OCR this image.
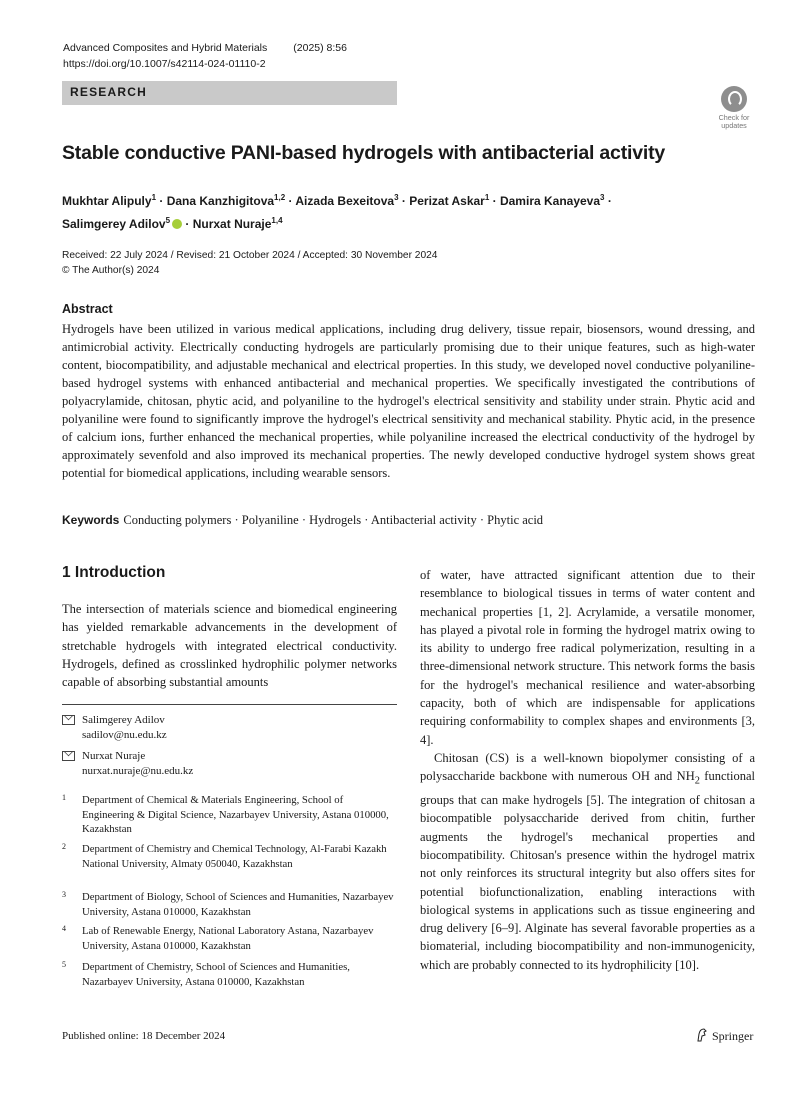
Advanced Composites and Hybrid Materials (2025) 8:56
https://doi.org/10.1007/s42114-024-01110-2
RESEARCH
Check for updates
Stable conductive PANI-based hydrogels with antibacterial activity
Mukhtar Alipuly$^1$ · Dana Kanzhigitova$^{1,2}$ · Aizada Bexeitova$^3$ · Perizat Askar$^1$ · Damira Kanayeva$^3$ ·
Salimgerey Adilov$^5$ · Nurxat Nuraje$^{1,4}$
Received: 22 July 2024 / Revised: 21 October 2024 / Accepted: 30 November 2024
© The Author(s) 2024
Abstract
Hydrogels have been utilized in various medical applications, including drug delivery, tissue repair, biosensors, wound dressing, and antimicrobial activity. Electrically conducting hydrogels are particularly promising due to their unique features, such as high-water content, biocompatibility, and adjustable mechanical and electrical properties. In this study, we developed novel conductive polyaniline-based hydrogel systems with enhanced antibacterial and mechanical properties. We specifically investigated the contributions of polyacrylamide, chitosan, phytic acid, and polyaniline to the hydrogel's electrical sensitivity and stability under strain. Phytic acid and polyaniline were found to significantly improve the hydrogel's electrical sensitivity and mechanical stability. Phytic acid, in the presence of calcium ions, further enhanced the mechanical properties, while polyaniline increased the electrical conductivity of the hydrogel by approximately sevenfold and also improved its mechanical properties. The newly developed conductive hydrogel system shows great potential for biomedical applications, including wearable sensors.
Keywords Conducting polymers · Polyaniline · Hydrogels · Antibacterial activity · Phytic acid
1 Introduction

The intersection of materials science and biomedical engineering has yielded remarkable advancements in the development of stretchable hydrogels with integrated electrical conductivity. Hydrogels, defined as crosslinked hydrophilic polymer networks capable of absorbing substantial amounts

of water, have attracted significant attention due to their resemblance to biological tissues in terms of water content and mechanical properties [1, 2]. Acrylamide, a versatile monomer, has played a pivotal role in forming the hydrogel matrix owing to its ability to undergo free radical polymerization, resulting in a three-dimensional network structure. This network forms the basis for the hydrogel's mechanical resilience and water-absorbing capacity, both of which are indispensable for applications requiring conformability to complex shapes and environments [3, 4].

Chitosan (CS) is a well-known biopolymer consisting of a polysaccharide backbone with numerous OH and $NH_2$ functional groups that can make hydrogels [5]. The integration of chitosan a biocompatible polysaccharide derived from chitin, further augments the hydrogel's mechanical properties and biocompatibility. Chitosan's presence within the hydrogel matrix not only reinforces its structural integrity but also offers sites for potential biofunctionalization, enabling interactions with biological systems in applications such as tissue engineering and drug delivery [6–9]. Alginate has several favorable properties as a biomaterial, including biocompatibility and non-immunogenicity, which are probably connected to its hydrophilicity [10].

Salimgerey Adilov
sadilov@nu.edu.kz
Nurxat Nuraje
nurxat.nuraje@nu.edu.kz
1 Department of Chemical & Materials Engineering, School of Engineering & Digital Science, Nazarbayev University, Astana 010000, Kazakhstan
2 Department of Chemistry and Chemical Technology, Al-Farabi Kazakh National University, Almaty 050040, Kazakhstan
3 Department of Biology, School of Sciences and Humanities, Nazarbayev University, Astana 010000, Kazakhstan
4 Lab of Renewable Energy, National Laboratory Astana, Nazarbayev University, Astana 010000, Kazakhstan
5 Department of Chemistry, School of Sciences and Humanities, Nazarbayev University, Astana 010000, Kazakhstan
Published online: 18 December 2024	Springer
